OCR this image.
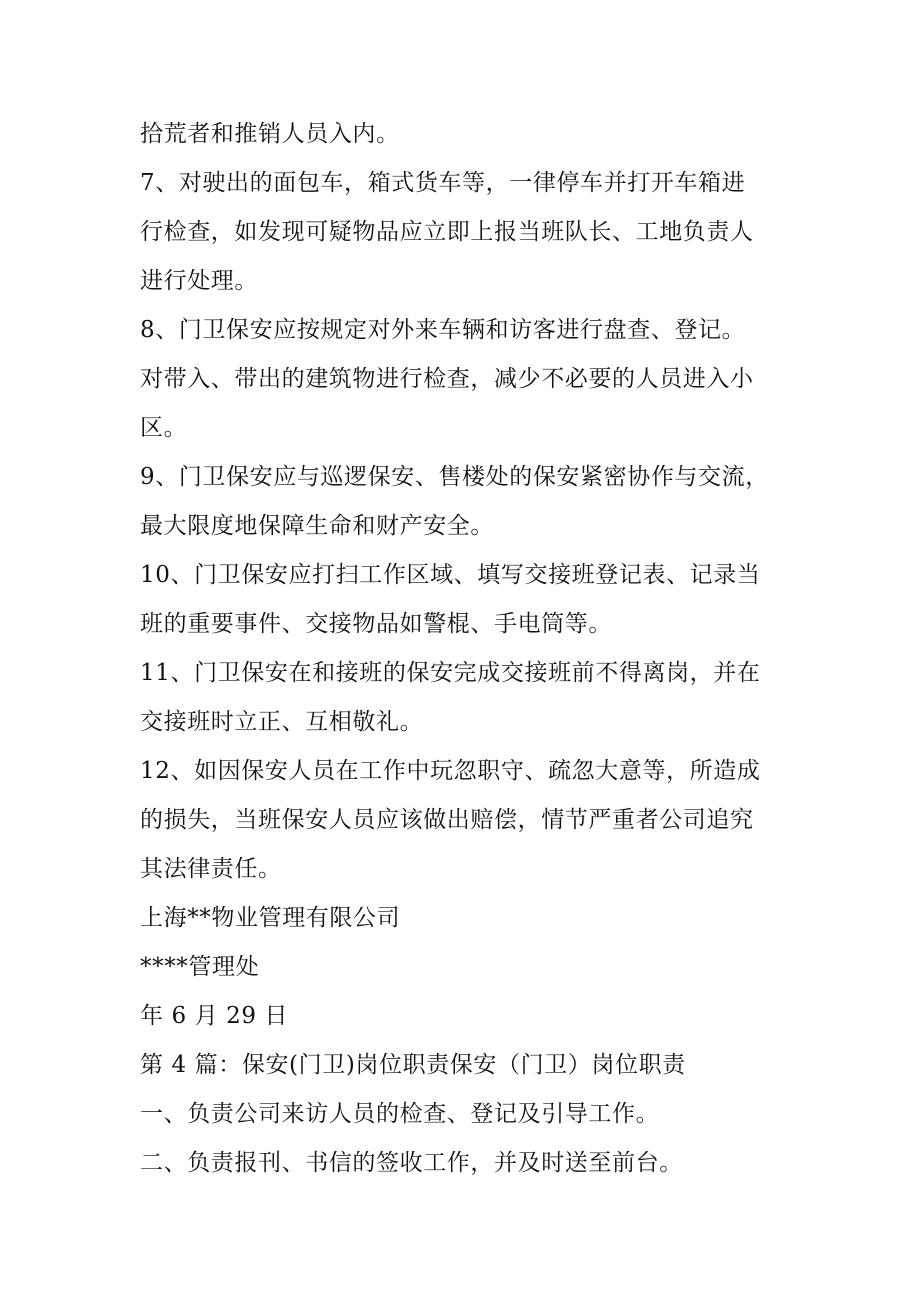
拾荒者和推销人员入内。
7、对驶出的面包车，箱式货车等，一律停车并打开车箱进
行检查，如发现可疑物品应立即上报当班队长、工地负责人
进行处理。
8、门卫保安应按规定对外来车辆和访客进行盘查、登记。
对带入、带出的建筑物进行检查，减少不必要的人员进入小
区。
9、门卫保安应与巡逻保安、售楼处的保安紧密协作与交流，
最大限度地保障生命和财产安全。
10、门卫保安应打扫工作区域、填写交接班登记表、记录当
班的重要事件、交接物品如警棍、手电筒等。
11、门卫保安在和接班的保安完成交接班前不得离岗，并在
交接班时立正、互相敬礼。
12、如因保安人员在工作中玩忽职守、疏忽大意等，所造成
的损失，当班保安人员应该做出赔偿，情节严重者公司追究
其法律责任。
上海**物业管理有限公司
****管理处
年 6 月 29 日
第 4 篇：保安(门卫)岗位职责保安（门卫）岗位职责
一、负责公司来访人员的检查、登记及引导工作。
二、负责报刊、书信的签收工作，并及时送至前台。
